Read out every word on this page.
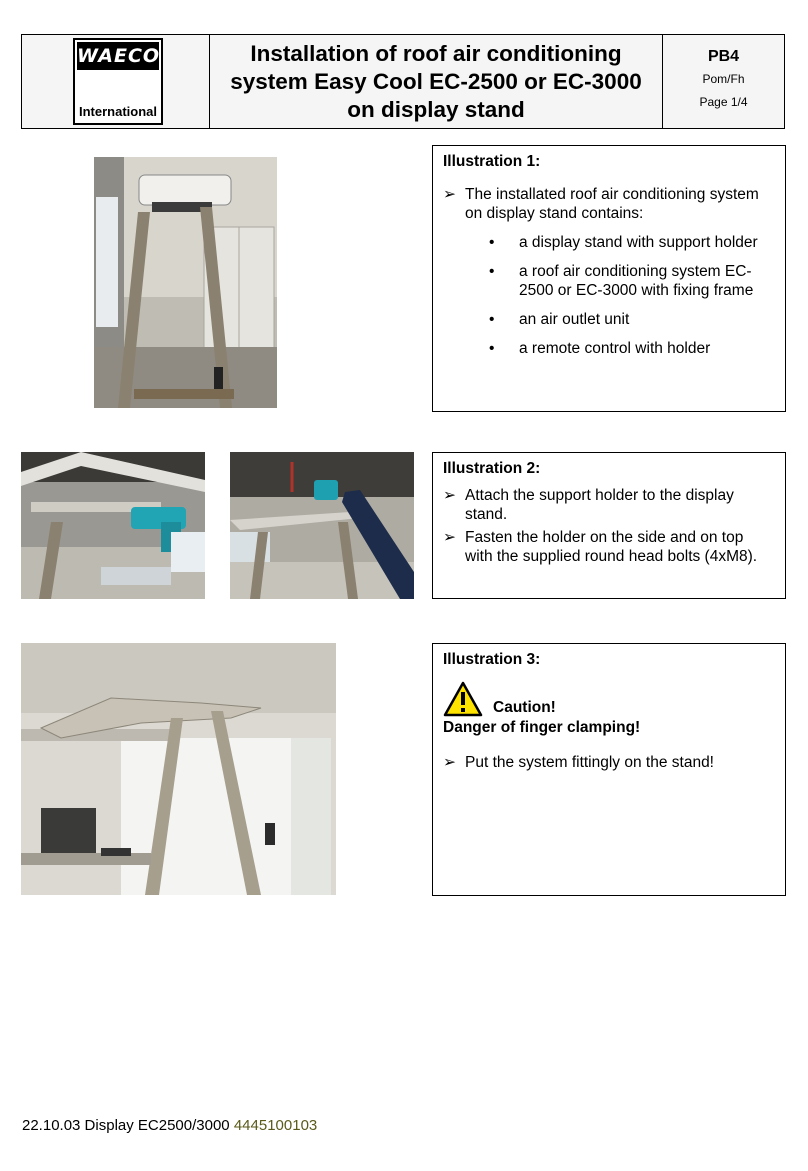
WAECO
International
Installation of roof air conditioning system Easy Cool EC-2500 or EC-3000 on display stand
PB4
Pom/Fh
Page 1/4
Illustration 1:
➢ The installated roof air conditioning system on display stand contains:
•	a display stand with support holder
•	a roof air conditioning system EC-2500 or EC-3000 with fixing frame
•	an air outlet unit
•	a remote control with holder
Illustration 2:
➢ Attach the support holder to the display stand.
➢ Fasten the holder on the side and on top with the supplied round head bolts (4xM8).
Illustration 3:
Caution!
Danger of finger clamping!
➢ Put the system fittingly on the stand!
22.10.03 Display EC2500/3000 4445100103
